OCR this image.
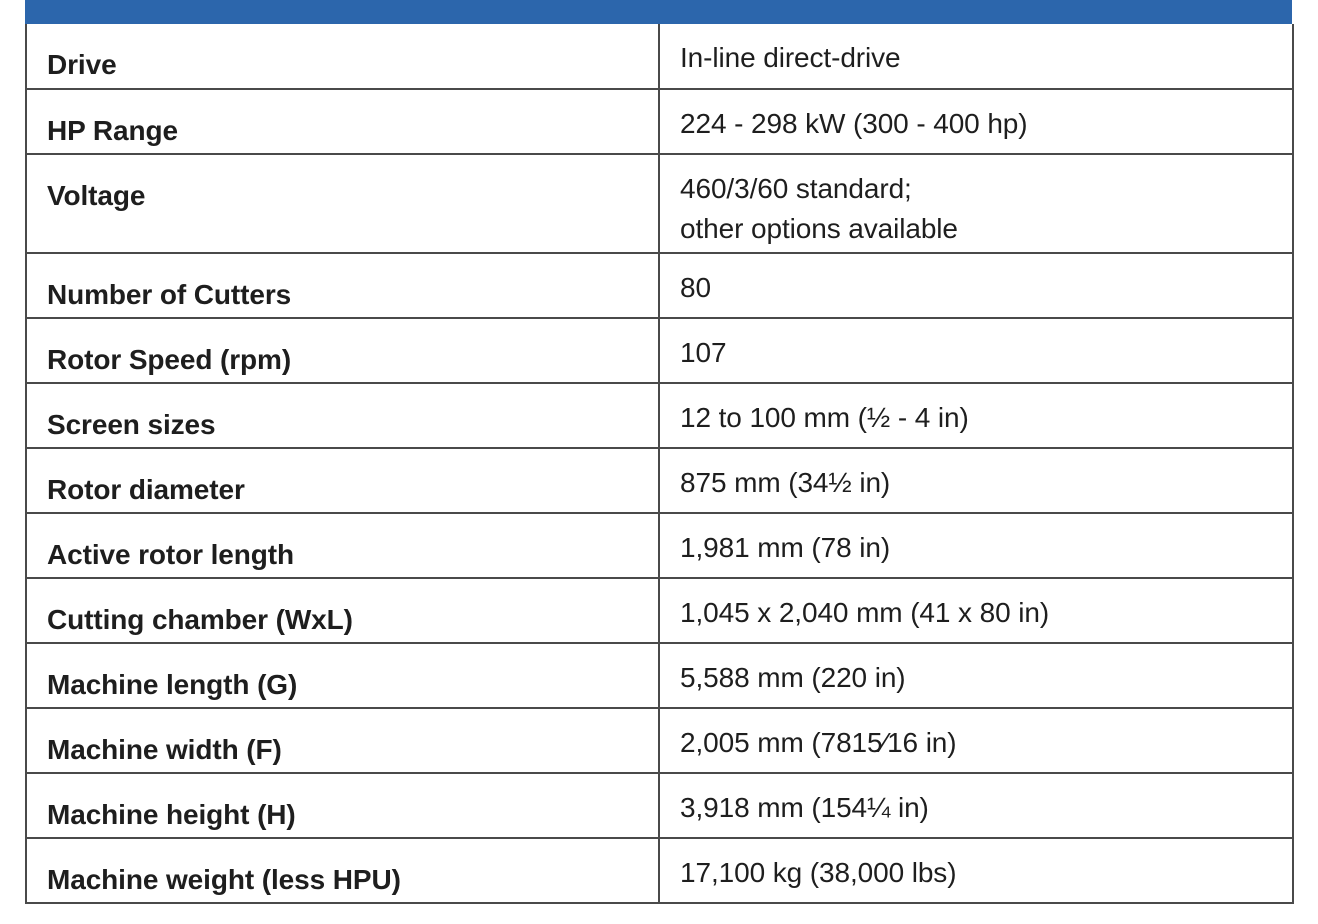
Drive	In-line direct-drive

HP Range	224 - 298 kW (300 - 400 hp)

Voltage	460/3/60 standard;
other options available

Number of Cutters	80

Rotor Speed (rpm)	107

Screen sizes	12 to 100 mm (½ - 4 in)

Rotor diameter	875 mm (34½ in)

Active rotor length	1,981 mm (78 in)

Cutting chamber (WxL)	1,045 x 2,040 mm (41 x 80 in)

Machine length (G)	5,588 mm (220 in)

Machine width (F)	2,005 mm (7815⁄16 in)

Machine height (H)	3,918 mm (154¼ in)

Machine weight (less HPU)	17,100 kg (38,000 lbs)
